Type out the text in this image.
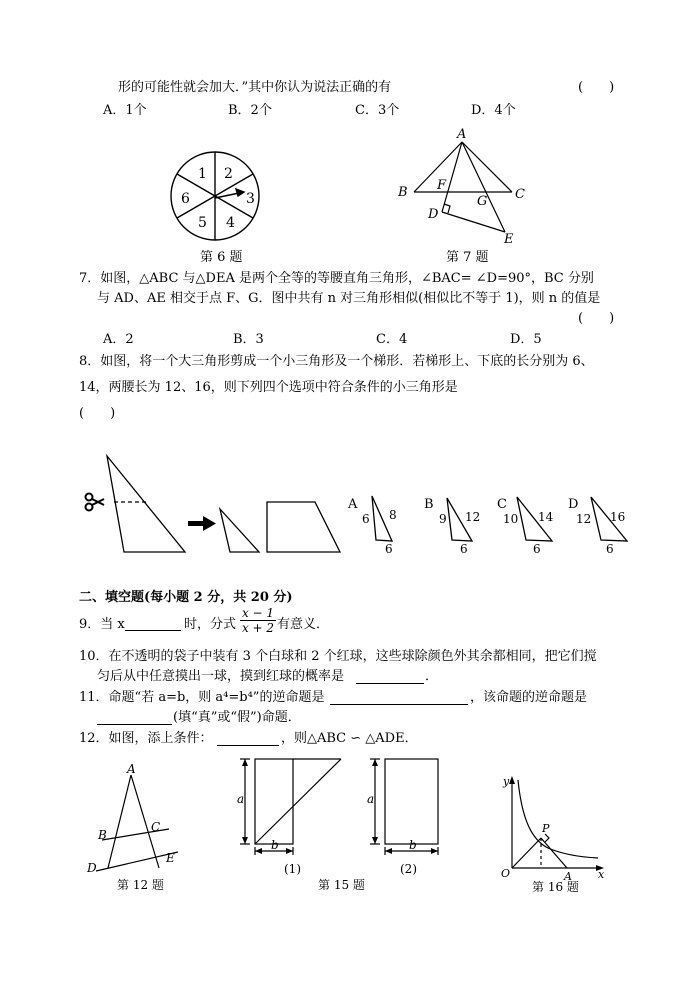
形的可能性就会加大．”其中你认为说法正确的有	(　　)
A．1个	B．2个	C．3个	D．4个
1 2
3
4
5
6
A
B	C
D
E
F
G
A
6 8
6
B
9 12
6
C
10 14
6
D
12 16
6
A
B
C
D
E
a
b
(1)
a
b
(2)
y
x
O
P
A
第 6 题	第 7 题
7．如图，△ABC 与△DEA 是两个全等的等腰直角三角形，∠BAC= ∠D=90°，BC 分别
与 AD、AE 相交于点 F、G．图中共有 n 对三角形相似(相似比不等于 1)，则 n 的值是
(　　)
A．2	B．3	C．4	D．5
8．如图，将一个大三角形剪成一个小三角形及一个梯形．若梯形上、下底的长分别为 6、
14，两腰长为 12、16，则下列四个选项中符合条件的小三角形是
(　　)
二、填空题(每小题 2 分，共 20 分)
9．当 x	时，分式 $\frac{x - 1}{x + 2}$ 有意义．
10．在不透明的袋子中装有 3 个白球和 2 个红球，这些球除颜色外其余都相同，把它们搅
匀后从中任意摸出一球，摸到红球的概率是	．
11．命题“若 a=b，则 a⁴=b⁴”的逆命题是	，该命题的逆命题是
(填“真”或“假”)命题．
12．如图，添上条件：	，则△ABC ∽ △ADE．
第 12 题	第 15 题	第 16 题
